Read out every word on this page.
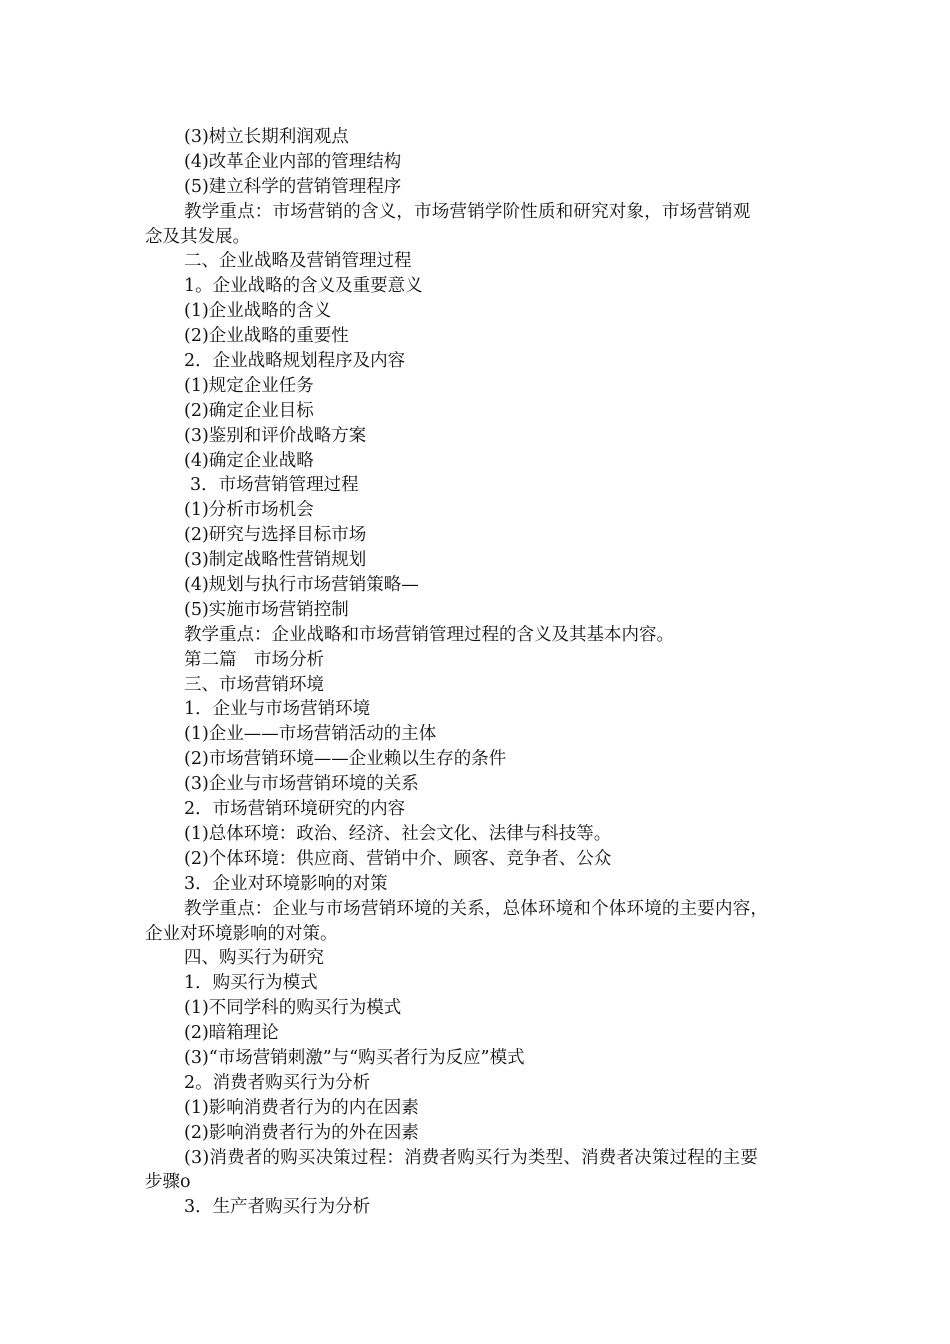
(3)树立长期利润观点

(4)改革企业内部的管理结构

(5)建立科学的营销管理程序

教学重点：市场营销的含义，市场营销学阶性质和研究对象，市场营销观

念及其发展。

二、企业战略及营销管理过程

1。企业战略的含义及重要意义

(1)企业战略的含义

(2)企业战略的重要性

2．企业战略规划程序及内容

(1)规定企业任务

(2)确定企业目标

(3)鉴别和评价战略方案

(4)确定企业战略

3．市场营销管理过程

(1)分析市场机会

(2)研究与选择目标市场

(3)制定战略性营销规划

(4)规划与执行市场营销策略—

(5)实施市场营销控制

教学重点：企业战略和市场营销管理过程的含义及其基本内容。

第二篇　市场分析

三、市场营销环境

1．企业与市场营销环境

(1)企业——市场营销活动的主体

(2)市场营销环境——企业赖以生存的条件

(3)企业与市场营销环境的关系

2．市场营销环境研究的内容

(1)总体环境：政治、经济、社会文化、法律与科技等。

(2)个体环境：供应商、营销中介、顾客、竞争者、公众

3．企业对环境影响的对策

教学重点：企业与市场营销环境的关系，总体环境和个体环境的主要内容，

企业对环境影响的对策。

四、购买行为研究

1．购买行为模式

(1)不同学科的购买行为模式

(2)暗箱理论

(3)“市场营销刺激”与“购买者行为反应”模式

2。消费者购买行为分析

(1)影响消费者行为的内在因素

(2)影响消费者行为的外在因素

(3)消费者的购买决策过程：消费者购买行为类型、消费者决策过程的主要

步骤o

3．生产者购买行为分析
